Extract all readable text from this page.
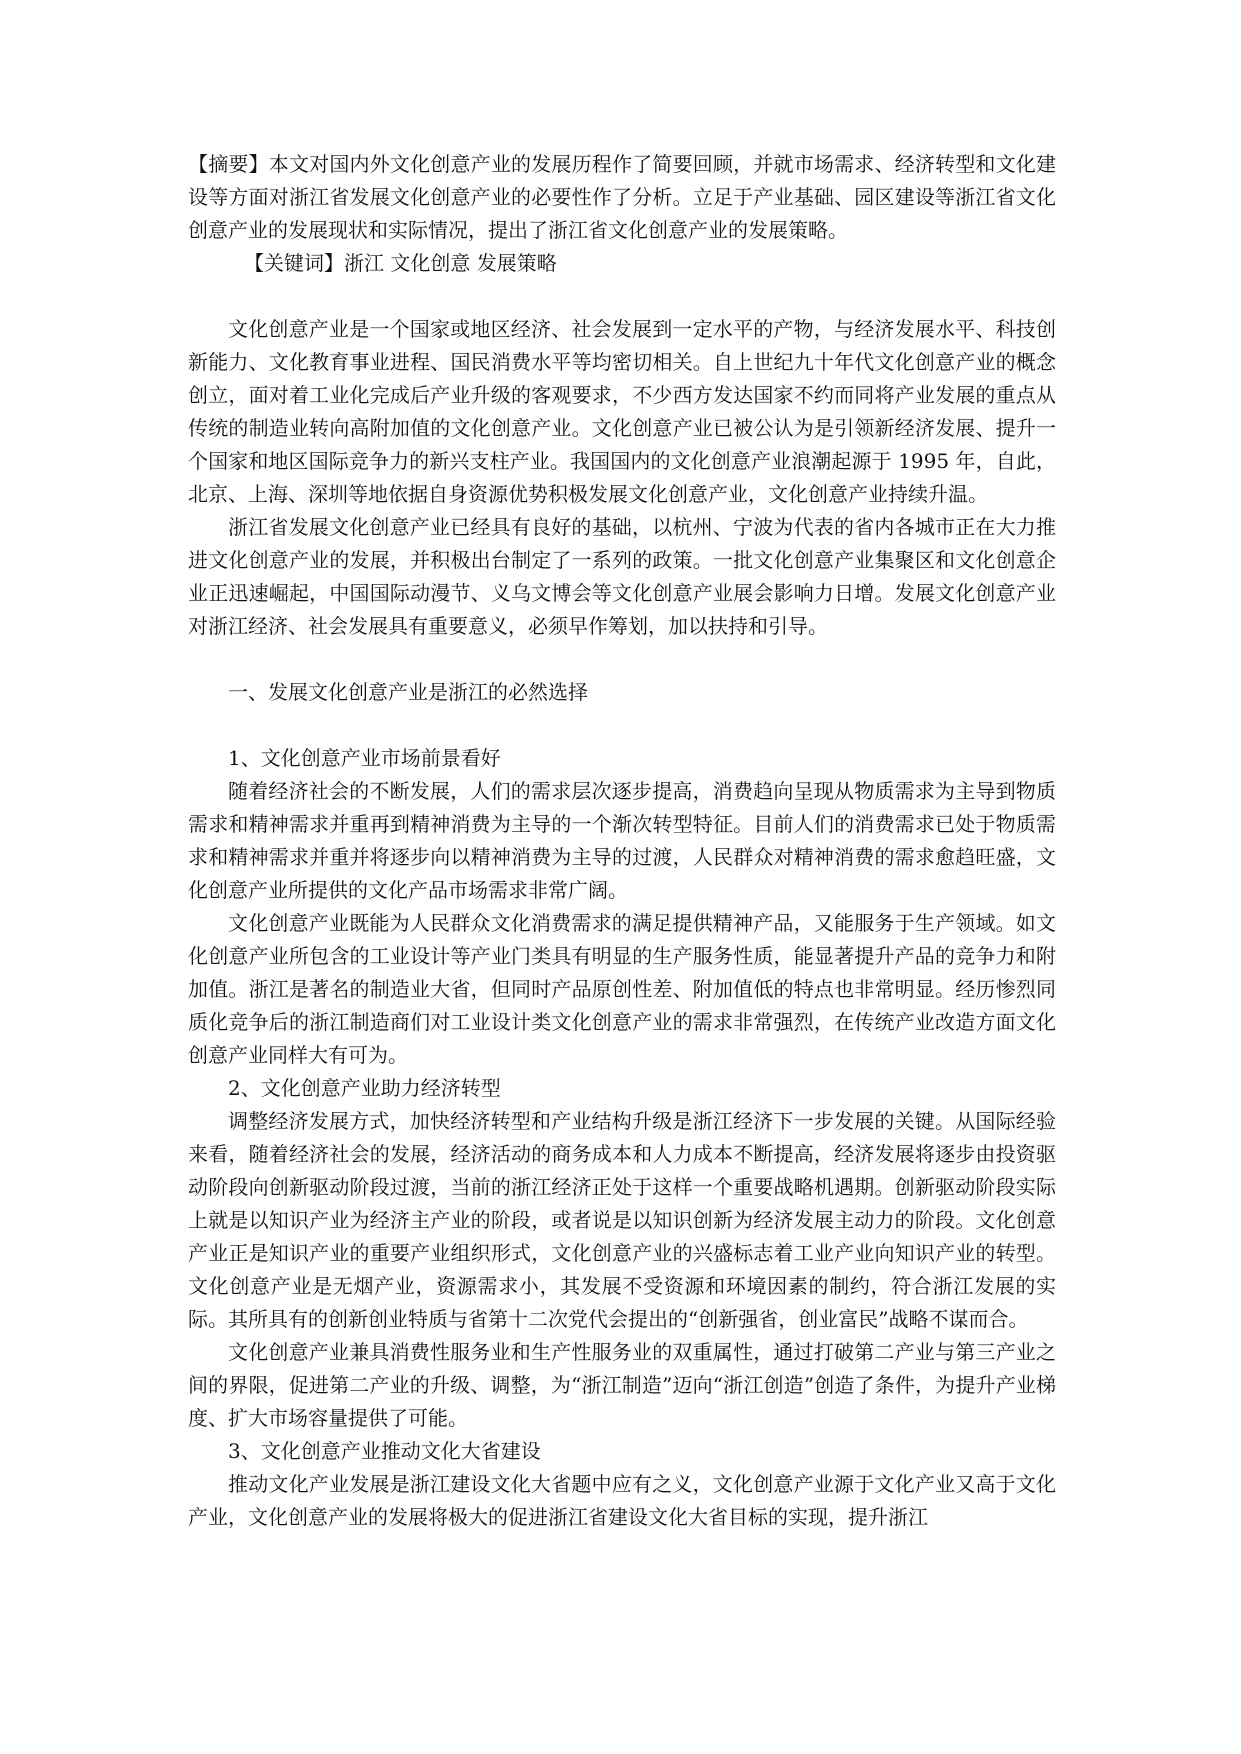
【摘要】本文对国内外文化创意产业的发展历程作了简要回顾，并就市场需求、经济转型和文化建设等方面对浙江省发展文化创意产业的必要性作了分析。立足于产业基础、园区建设等浙江省文化创意产业的发展现状和实际情况，提出了浙江省文化创意产业的发展策略。

【关键词】浙江 文化创意 发展策略

文化创意产业是一个国家或地区经济、社会发展到一定水平的产物，与经济发展水平、科技创新能力、文化教育事业进程、国民消费水平等均密切相关。自上世纪九十年代文化创意产业的概念创立，面对着工业化完成后产业升级的客观要求，不少西方发达国家不约而同将产业发展的重点从传统的制造业转向高附加值的文化创意产业。文化创意产业已被公认为是引领新经济发展、提升一个国家和地区国际竞争力的新兴支柱产业。我国国内的文化创意产业浪潮起源于 1995 年，自此，北京、上海、深圳等地依据自身资源优势积极发展文化创意产业，文化创意产业持续升温。

浙江省发展文化创意产业已经具有良好的基础，以杭州、宁波为代表的省内各城市正在大力推进文化创意产业的发展，并积极出台制定了一系列的政策。一批文化创意产业集聚区和文化创意企业正迅速崛起，中国国际动漫节、义乌文博会等文化创意产业展会影响力日增。发展文化创意产业对浙江经济、社会发展具有重要意义，必须早作筹划，加以扶持和引导。

一、发展文化创意产业是浙江的必然选择

1、文化创意产业市场前景看好

随着经济社会的不断发展，人们的需求层次逐步提高，消费趋向呈现从物质需求为主导到物质需求和精神需求并重再到精神消费为主导的一个渐次转型特征。目前人们的消费需求已处于物质需求和精神需求并重并将逐步向以精神消费为主导的过渡，人民群众对精神消费的需求愈趋旺盛，文化创意产业所提供的文化产品市场需求非常广阔。

文化创意产业既能为人民群众文化消费需求的满足提供精神产品，又能服务于生产领域。如文化创意产业所包含的工业设计等产业门类具有明显的生产服务性质，能显著提升产品的竞争力和附加值。浙江是著名的制造业大省，但同时产品原创性差、附加值低的特点也非常明显。经历惨烈同质化竞争后的浙江制造商们对工业设计类文化创意产业的需求非常强烈，在传统产业改造方面文化创意产业同样大有可为。

2、文化创意产业助力经济转型

调整经济发展方式，加快经济转型和产业结构升级是浙江经济下一步发展的关键。从国际经验来看，随着经济社会的发展，经济活动的商务成本和人力成本不断提高，经济发展将逐步由投资驱动阶段向创新驱动阶段过渡，当前的浙江经济正处于这样一个重要战略机遇期。创新驱动阶段实际上就是以知识产业为经济主产业的阶段，或者说是以知识创新为经济发展主动力的阶段。文化创意产业正是知识产业的重要产业组织形式，文化创意产业的兴盛标志着工业产业向知识产业的转型。文化创意产业是无烟产业，资源需求小，其发展不受资源和环境因素的制约，符合浙江发展的实际。其所具有的创新创业特质与省第十二次党代会提出的“创新强省，创业富民”战略不谋而合。

文化创意产业兼具消费性服务业和生产性服务业的双重属性，通过打破第二产业与第三产业之间的界限，促进第二产业的升级、调整，为“浙江制造”迈向“浙江创造”创造了条件，为提升产业梯度、扩大市场容量提供了可能。

3、文化创意产业推动文化大省建设

推动文化产业发展是浙江建设文化大省题中应有之义，文化创意产业源于文化产业又高于文化产业，文化创意产业的发展将极大的促进浙江省建设文化大省目标的实现，提升浙江
